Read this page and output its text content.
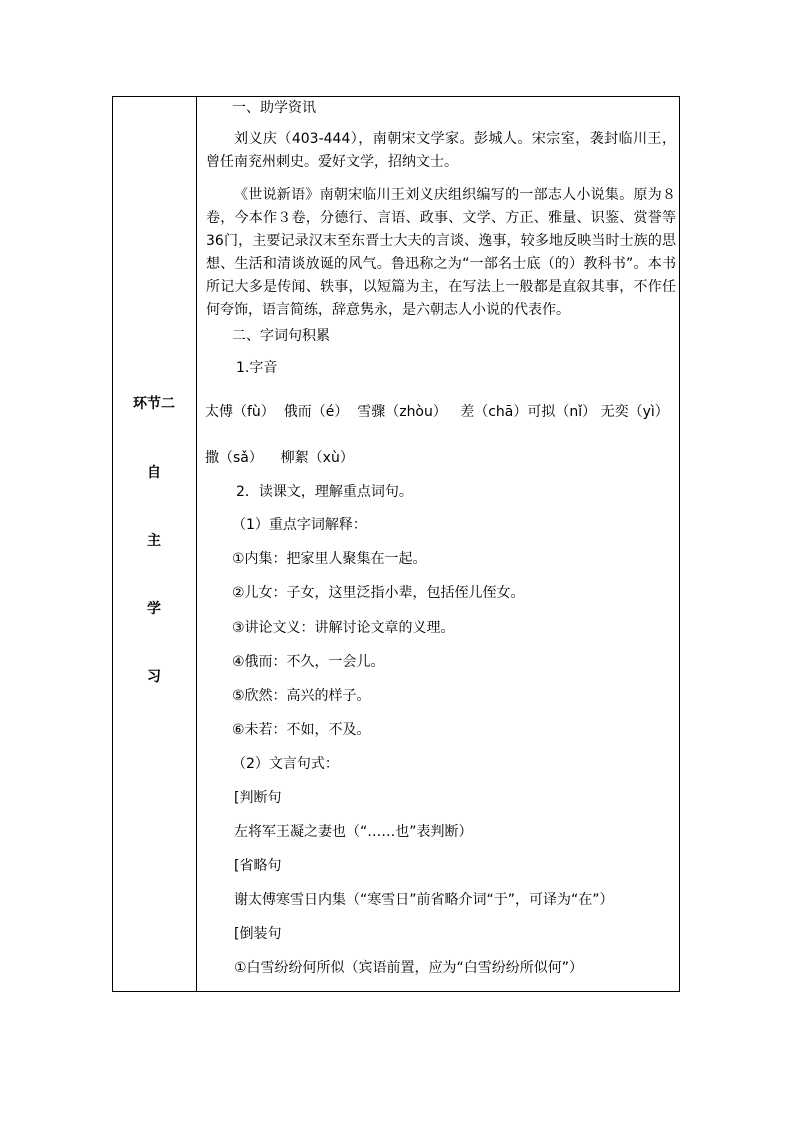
环节二
自
主
学
习
一、助学资讯
刘义庆（403-444），南朝宋文学家。彭城人。宋宗室，袭封临川王，曾任南兖州刺史。爱好文学，招纳文士。
《世说新语》南朝宋临川王刘义庆组织编写的一部志人小说集。原为８卷，今本作３卷，分德行、言语、政事、文学、方正、雅量、识鉴、赏誉等36门，主要记录汉末至东晋士大夫的言谈、逸事，较多地反映当时士族的思想、生活和清谈放诞的风气。鲁迅称之为“一部名士底（的）教科书”。本书所记大多是传闻、轶事，以短篇为主，在写法上一般都是直叙其事，不作任何夸饰，语言简练，辞意隽永，是六朝志人小说的代表作。
二、字词句积累
1.字音
太傅（fù）  俄而（é）  雪骤（zhòu）   差（chā）可拟（nǐ） 无奕（yì）
撒（sǎ）    柳絮（xù）
2．读课文，理解重点词句。
（1）重点字词解释：
①内集：把家里人聚集在一起。
②儿女：子女，这里泛指小辈，包括侄儿侄女。
③讲论文义：讲解讨论文章的义理。
④俄而：不久，一会儿。
⑤欣然：高兴的样子。
⑥未若：不如，不及。
（2）文言句式：
[判断句
左将军王凝之妻也（“……也”表判断）
[省略句
谢太傅寒雪日内集（“寒雪日”前省略介词“于”，可译为“在”）
[倒装句
①白雪纷纷何所似（宾语前置，应为“白雪纷纷所似何”）
